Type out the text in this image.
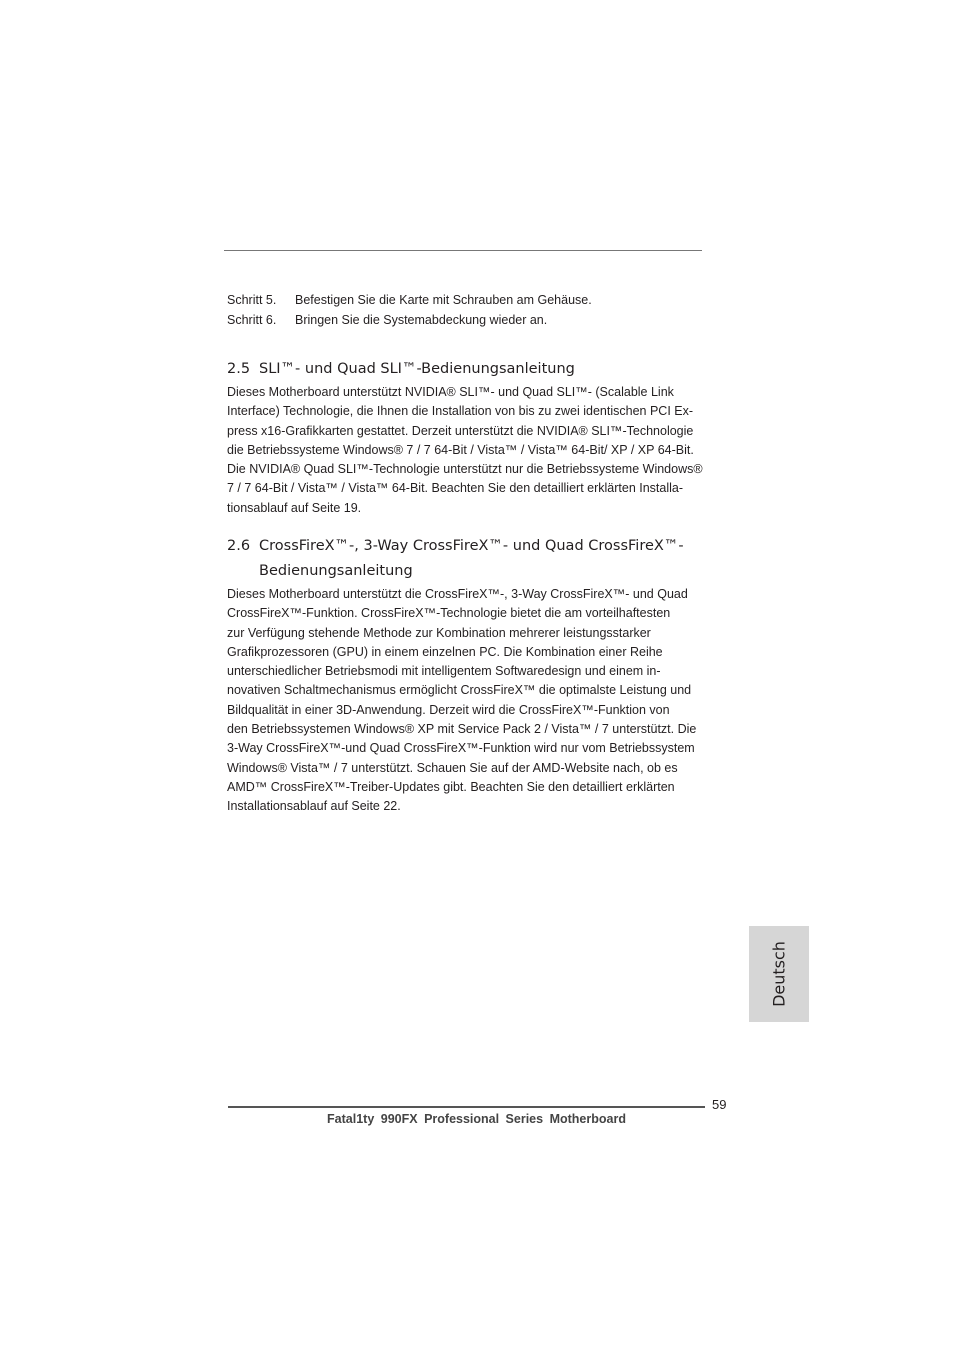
Schritt 5.	Befestigen Sie die Karte mit Schrauben am Gehäuse.
Schritt 6.	Bringen Sie die Systemabdeckung wieder an.
2.5 SLI™- und Quad SLI™-Bedienungsanleitung
Dieses Motherboard unterstützt NVIDIA® SLI™- und Quad SLI™- (Scalable Link
Interface) Technologie, die Ihnen die Installation von bis zu zwei identischen PCI Ex-
press x16-Grafikkarten gestattet. Derzeit unterstützt die NVIDIA® SLI™-Technologie
die Betriebssysteme Windows® 7 / 7 64-Bit / Vista™ / Vista™ 64-Bit/ XP / XP 64-Bit.
Die NVIDIA® Quad SLI™-Technologie unterstützt nur die Betriebssysteme Windows®
7 / 7 64-Bit / Vista™ / Vista™ 64-Bit. Beachten Sie den detailliert erklärten Installa-
tionsablauf auf Seite 19.
2.6 CrossFireX™-, 3-Way CrossFireX™- und Quad CrossFireX™-
Bedienungsanleitung
Dieses Motherboard unterstützt die CrossFireX™-, 3-Way CrossFireX™- und Quad
CrossFireX™-Funktion. CrossFireX™-Technologie bietet die am vorteilhaftesten
zur Verfügung stehende Methode zur Kombination mehrerer leistungsstarker
Grafikprozessoren (GPU) in einem einzelnen PC. Die Kombination einer Reihe
unterschiedlicher Betriebsmodi mit intelligentem Softwaredesign und einem in-
novativen Schaltmechanismus ermöglicht CrossFireX™ die optimalste Leistung und
Bildqualität in einer 3D-Anwendung. Derzeit wird die CrossFireX™-Funktion von
den Betriebssystemen Windows® XP mit Service Pack 2 / Vista™ / 7 unterstützt. Die
3-Way CrossFireX™-und Quad CrossFireX™-Funktion wird nur vom Betriebssystem
Windows® Vista™ / 7 unterstützt. Schauen Sie auf der AMD-Website nach, ob es
AMD™ CrossFireX™-Treiber-Updates gibt. Beachten Sie den detailliert erklärten
Installationsablauf auf Seite 22.
Deutsch
59
Fatal1ty 990FX Professional Series Motherboard
